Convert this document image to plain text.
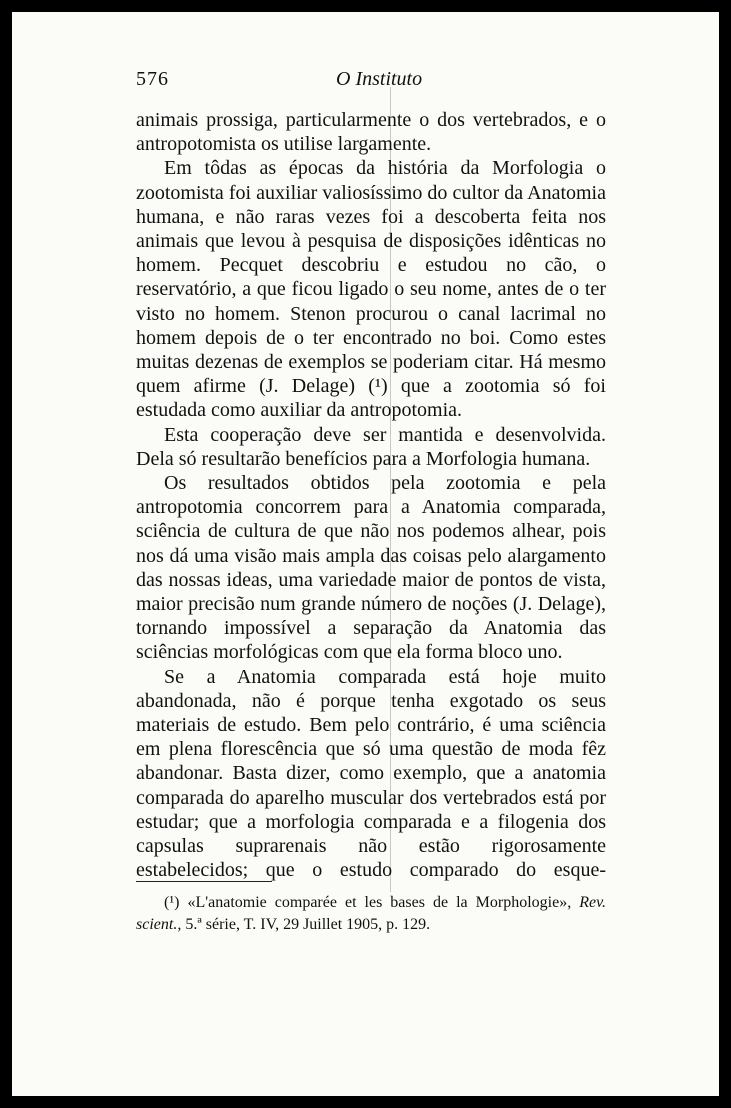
576	O Instituto

animais prossiga, particularmente o dos vertebrados, e o antropotomista os utilise largamente.

Em tôdas as épocas da história da Morfologia o zootomista foi auxiliar valiosíssimo do cultor da Anatomia humana, e não raras vezes foi a descoberta feita nos animais que levou à pesquisa de disposições idênticas no homem. Pecquet descobriu e estudou no cão, o reservatório, a que ficou ligado o seu nome, antes de o ter visto no homem. Stenon procurou o canal lacrimal no homem depois de o ter encontrado no boi. Como estes muitas dezenas de exemplos se poderiam citar. Há mesmo quem afirme (J. Delage) (¹) que a zootomia só foi estudada como auxiliar da antropotomia.

Esta cooperação deve ser mantida e desenvolvida. Dela só resultarão benefícios para a Morfologia humana.

Os resultados obtidos pela zootomia e pela antropotomia concorrem para a Anatomia comparada, sciência de cultura de que não nos podemos alhear, pois nos dá uma visão mais ampla das coisas pelo alargamento das nossas ideas, uma variedade maior de pontos de vista, maior precisão num grande número de noções (J. Delage), tornando impossível a separação da Anatomia das sciências morfológicas com que ela forma bloco uno.

Se a Anatomia comparada está hoje muito abandonada, não é porque tenha exgotado os seus materiais de estudo. Bem pelo contrário, é uma sciência em plena florescência que só uma questão de moda fêz abandonar. Basta dizer, como exemplo, que a anatomia comparada do aparelho muscular dos vertebrados está por estudar; que a morfologia comparada e a filogenia dos capsulas suprarenais não estão rigorosamente estabelecidos; que o estudo comparado do esque-

(¹) «L'anatomie comparée et les bases de la Morphologie», Rev. scient., 5.ª série, T. IV, 29 Juillet 1905, p. 129.
